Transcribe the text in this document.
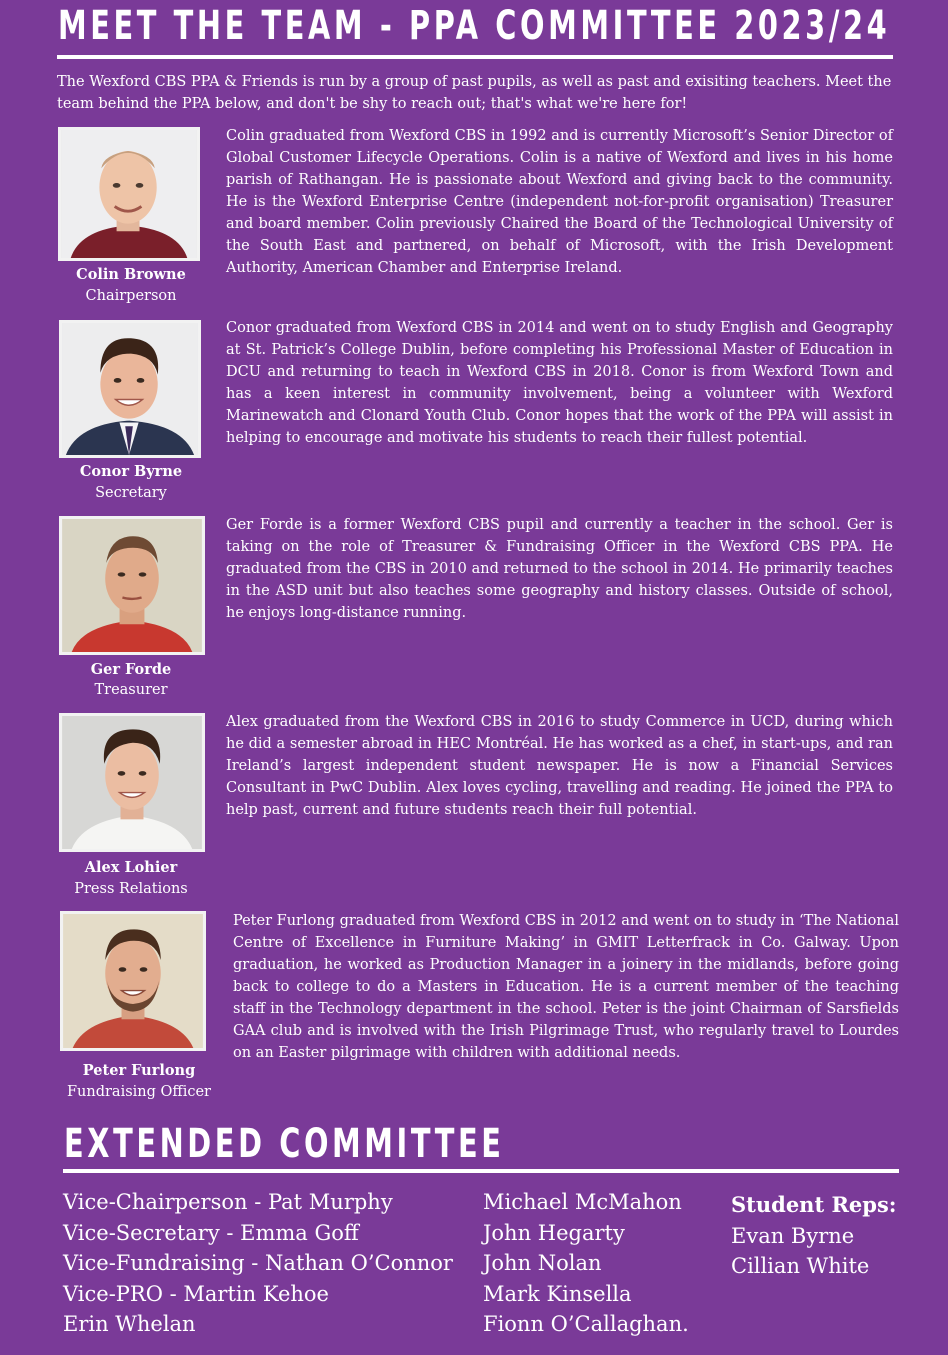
MEET THE TEAM - PPA COMMITTEE 2023/24
The Wexford CBS PPA & Friends is run by a group of past pupils, as well as past and exisiting teachers. Meet the team behind the PPA below, and don't be shy to reach out; that's what we're here for!
Colin Browne
Chairperson
Colin graduated from Wexford CBS in 1992 and is currently Microsoft’s Senior Director of Global Customer Lifecycle Operations. Colin is a native of Wexford and lives in his home parish of Rathangan. He is passionate about Wexford and giving back to the community. He is the Wexford Enterprise Centre (independent not-for-profit organisation) Treasurer and board member. Colin previously Chaired the Board of the Technological University of the South East and partnered, on behalf of Microsoft, with the Irish Development Authority, American Chamber and Enterprise Ireland.
Conor Byrne
Secretary
Conor graduated from Wexford CBS in 2014 and went on to study English and Geography at St. Patrick’s College Dublin, before completing his Professional Master of Education in DCU and returning to teach in Wexford CBS in 2018. Conor is from Wexford Town and has a keen interest in community involvement, being a volunteer with Wexford Marinewatch and Clonard Youth Club. Conor hopes that the work of the PPA will assist in helping to encourage and motivate his students to reach their fullest potential.
Ger Forde
Treasurer
Ger Forde is a former Wexford CBS pupil and currently a teacher in the school. Ger is taking on the role of Treasurer & Fundraising Officer in the Wexford CBS PPA. He graduated from the CBS in 2010 and returned to the school in 2014. He primarily teaches in the ASD unit but also teaches some geography and history classes. Outside of school, he enjoys long-distance running.
Alex Lohier
Press Relations
Alex graduated from the Wexford CBS in 2016 to study Commerce in UCD, during which he did a semester abroad in HEC Montréal. He has worked as a chef, in start-ups, and ran Ireland’s largest independent student newspaper. He is now a Financial Services Consultant in PwC Dublin. Alex loves cycling, travelling and reading. He joined the PPA to help past, current and future students reach their full potential.
Peter Furlong
Fundraising Officer
Peter Furlong graduated from Wexford CBS in 2012 and went on to study in ‘The National Centre of Excellence in Furniture Making’ in GMIT Letterfrack in Co. Galway. Upon graduation, he worked as Production Manager in a joinery in the midlands, before going back to college to do a Masters in Education. He is a current member of the teaching staff in the Technology department in the school. Peter is the joint Chairman of Sarsfields GAA club and is involved with the Irish Pilgrimage Trust, who regularly travel to Lourdes on an Easter pilgrimage with children with additional needs.
EXTENDED COMMITTEE
Vice-Chairperson - Pat Murphy
Vice-Secretary - Emma Goff
Vice-Fundraising - Nathan O’Connor
Vice-PRO - Martin Kehoe
Erin Whelan
Michael McMahon
John Hegarty
John Nolan
Mark Kinsella
Fionn O’Callaghan.
Student Reps:
Evan Byrne
Cillian White
